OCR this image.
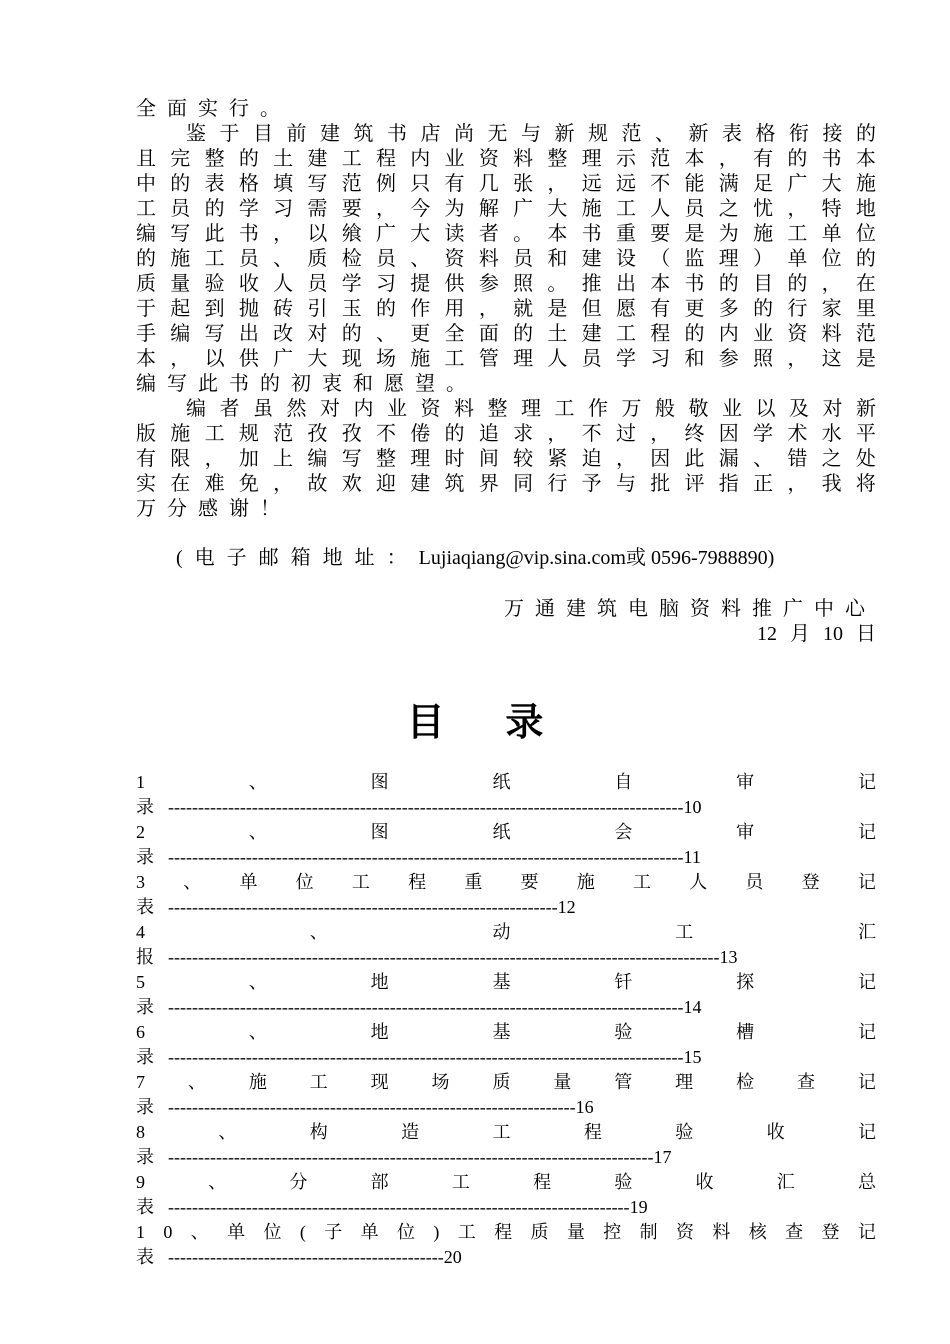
全面实行。
鉴 于 目 前 建 筑 书 店 尚 无 与 新 规 范 、 新 表 格 衔 接 的
且 完 整 的 土 建 工 程 内 业 资 料 整 理 示 范 本 ， 有 的 书 本
中 的 表 格 填 写 范 例 只 有 几 张 ， 远 远 不 能 满 足 广 大 施
工 员 的 学 习 需 要 ， 今 为 解 广 大 施 工 人 员 之 忧 ， 特 地
编 写 此 书 ， 以 飨 广 大 读 者 。 本 书 重 要 是 为 施 工 单 位
的 施 工 员 、 质 检 员 、 资 料 员 和 建 设 （ 监 理 ） 单 位 的
质 量 验 收 人 员 学 习 提 供 参 照 。 推 出 本 书 的 目 的 ， 在
于 起 到 抛 砖 引 玉 的 作 用 ， 就 是 但 愿 有 更 多 的 行 家 里
手 编 写 出 改 对 的 、 更 全 面 的 土 建 工 程 的 内 业 资 料 范
本 ， 以 供 广 大 现 场 施 工 管 理 人 员 学 习 和 参 照 ， 这 是
编写此书的初衷和愿望。
编 者 虽 然 对 内 业 资 料 整 理 工 作 万 般 敬 业 以 及 对 新
版 施 工 规 范 孜 孜 不 倦 的 追 求 ， 不 过 ， 终 因 学 术 水 平
有 限 ， 加 上 编 写 整 理 时 间 较 紧 迫 ， 因 此 漏 、 错 之 处
实 在 难 免 ， 故 欢 迎 建 筑 界 同 行 予 与 批 评 指 正 ， 我 将
万分感谢！
(电子邮箱地址：Lujiaqiang@vip.sina.com或 0596-7988890)
万通建筑电脑资料推广中心
12 月 10 日
目录
1	、	图	纸	自	审	记
录 -------------------------------------------------------------------------------------- 10
2	、	图	纸	会	审	记
录 -------------------------------------------------------------------------------------- 11
3 、 单 位 工 程 重 要 施 工 人 员 登 记
表 ----------------------------------------------------------------- 12
4	、	动	工	汇
报 -------------------------------------------------------------------------------------------- 13
5	、	地	基	钎	探	记
录 -------------------------------------------------------------------------------------- 14
6	、	地	基	验	槽	记
录 -------------------------------------------------------------------------------------- 15
7 、 施 工 现 场 质 量 管 理 检 查 记
录 -------------------------------------------------------------------- 16
8	、	构	造	工	程	验	收	记
录 --------------------------------------------------------------------------------- 17
9	、	分	部	工	程	验	收	汇	总
表 ----------------------------------------------------------------------------- 19
1 0 、 单 位 ( 子 单 位 ) 工 程 质 量 控 制 资 料 核 查 登 记
表 ---------------------------------------------- 20
